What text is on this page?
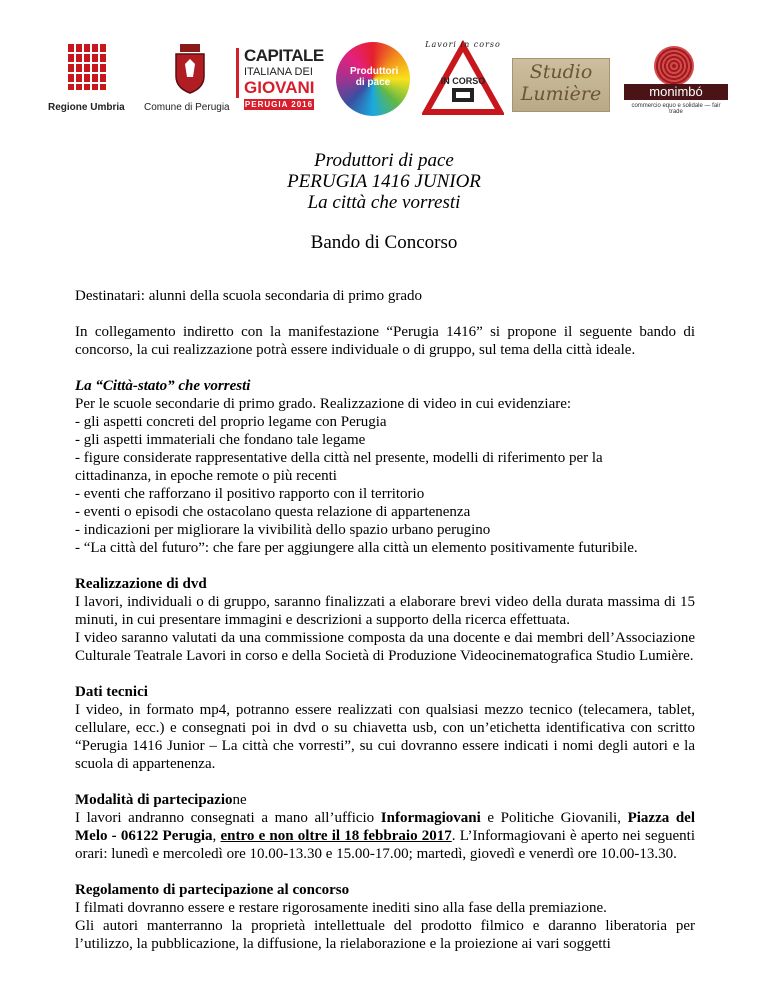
Regione Umbria Comune di Perugia
CAPITALE
ITALIANA DEI
GIOVANI
PERUGIA 2016
Produttori di pace	IN CORSO
Lavori in corso
Studio Lumière	monimbó
commercio equo e solidale — fair trade
Produttori di pace
PERUGIA 1416 JUNIOR
La città che vorresti
Bando di Concorso

Destinatari: alunni della scuola secondaria di primo grado

In collegamento indiretto con la manifestazione “Perugia 1416” si propone il seguente bando di concorso, la cui realizzazione potrà essere individuale o di gruppo, sul tema della città ideale.

La “Città-stato” che vorresti

Per le scuole secondarie di primo grado. Realizzazione di video in cui evidenziare:

- gli aspetti concreti del proprio legame con Perugia
- gli aspetti immateriali che fondano tale legame
- figure considerate rappresentative della città nel presente, modelli di riferimento per la
cittadinanza, in epoche remote o più recenti
- eventi che rafforzano il positivo rapporto con il territorio
- eventi o episodi che ostacolano questa relazione di appartenenza
- indicazioni per migliorare la vivibilità dello spazio urbano perugino
- “La città del futuro”: che fare per aggiungere alla città un elemento positivamente futuribile.
Realizzazione di dvd

I lavori, individuali o di gruppo, saranno finalizzati a elaborare brevi video della durata massima di 15 minuti, in cui presentare immagini e descrizioni a supporto della ricerca effettuata.

I video saranno valutati da una commissione composta da una docente e dai membri dell’Associazione Culturale Teatrale Lavori in corso e della Società di Produzione Videocinematografica Studio Lumière.

Dati tecnici

I video, in formato mp4, potranno essere realizzati con qualsiasi mezzo tecnico (telecamera, tablet, cellulare, ecc.) e consegnati poi in dvd o su chiavetta usb, con un’etichetta identificativa con scritto “Perugia 1416 Junior – La città che vorresti”, su cui dovranno essere indicati i nomi degli autori e la scuola di appartenenza.

Modalità di partecipazione

I lavori andranno consegnati a mano all’ufficio Informagiovani e Politiche Giovanili, Piazza del Melo - 06122 Perugia, entro e non oltre il 18 febbraio 2017. L’Informagiovani è aperto nei seguenti orari: lunedì e mercoledì ore 10.00-13.30 e 15.00-17.00; martedì, giovedì e venerdì ore 10.00-13.30.

Regolamento di partecipazione al concorso

I filmati dovranno essere e restare rigorosamente inediti sino alla fase della premiazione.

Gli autori manterranno la proprietà intellettuale del prodotto filmico e daranno liberatoria per l’utilizzo, la pubblicazione, la diffusione, la rielaborazione e la proiezione ai vari soggetti
